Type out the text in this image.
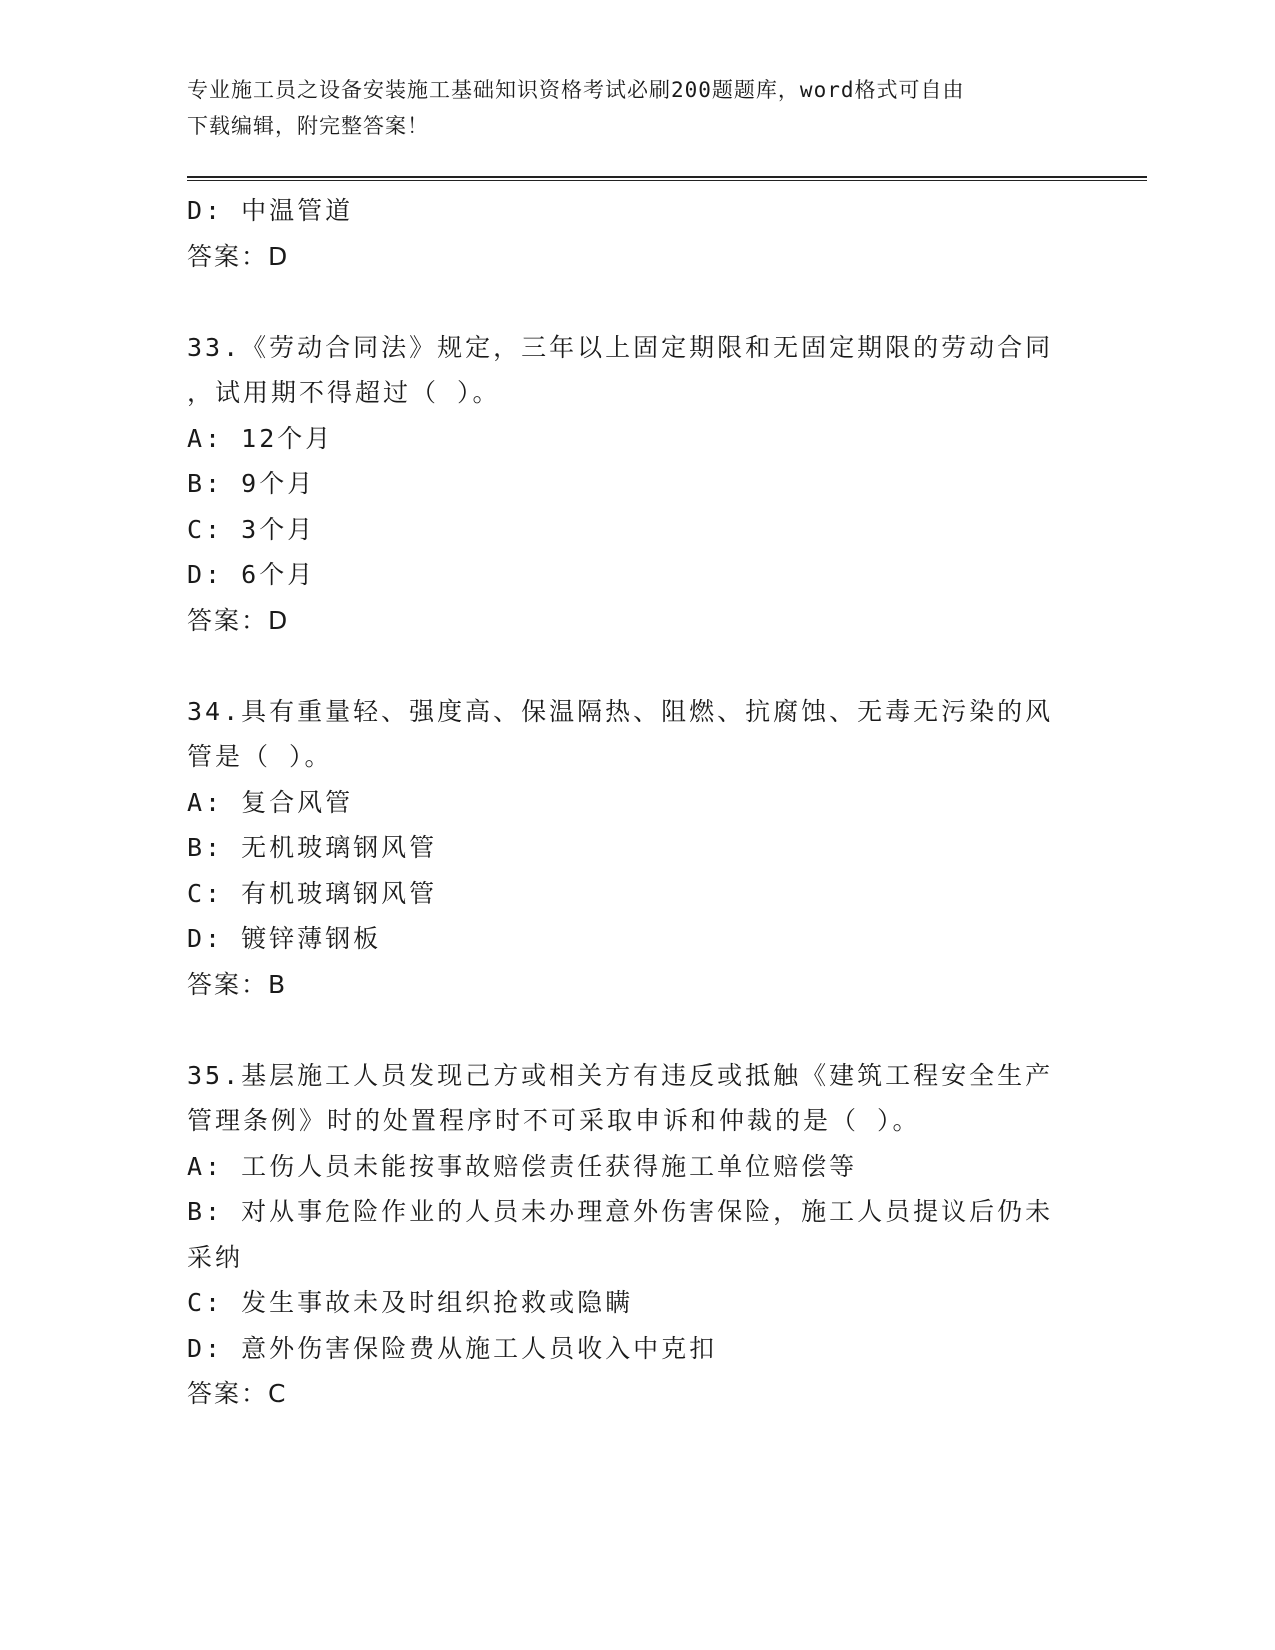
专业施工员之设备安装施工基础知识资格考试必刷200题题库，word格式可自由
下载编辑，附完整答案！
D: 中温管道
答案：D
33.《劳动合同法》规定，三年以上固定期限和无固定期限的劳动合同
，试用期不得超过（ ）。
A: 12个月
B: 9个月
C: 3个月
D: 6个月
答案：D
34.具有重量轻、强度高、保温隔热、阻燃、抗腐蚀、无毒无污染的风
管是（ ）。
A: 复合风管
B: 无机玻璃钢风管
C: 有机玻璃钢风管
D: 镀锌薄钢板
答案：B
35.基层施工人员发现己方或相关方有违反或抵触《建筑工程安全生产
管理条例》时的处置程序时不可采取申诉和仲裁的是（ ）。
A: 工伤人员未能按事故赔偿责任获得施工单位赔偿等
B: 对从事危险作业的人员未办理意外伤害保险，施工人员提议后仍未
采纳
C: 发生事故未及时组织抢救或隐瞒
D: 意外伤害保险费从施工人员收入中克扣
答案：C
